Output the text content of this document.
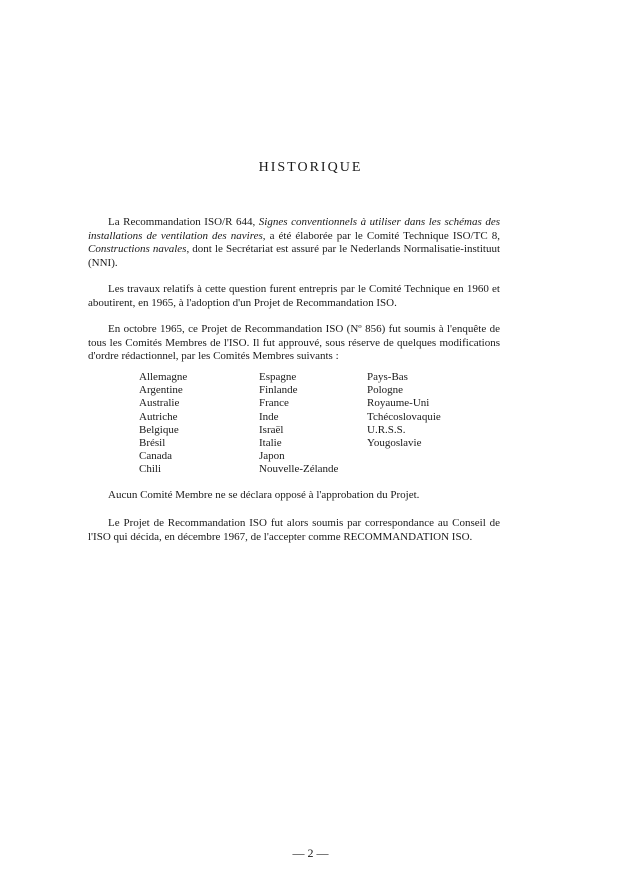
HISTORIQUE

La Recommandation ISO/R 644, Signes conventionnels à utiliser dans les schémas des installations de ventilation des navires, a été élaborée par le Comité Technique ISO/TC 8, Constructions navales, dont le Secrétariat est assuré par le Nederlands Normalisatie-instituut (NNI).

Les travaux relatifs à cette question furent entrepris par le Comité Technique en 1960 et aboutirent, en 1965, à l'adoption d'un Projet de Recommandation ISO.

En octobre 1965, ce Projet de Recommandation ISO (Nº 856) fut soumis à l'enquête de tous les Comités Membres de l'ISO. Il fut approuvé, sous réserve de quelques modifications d'ordre rédactionnel, par les Comités Membres suivants :

Allemagne
Argentine
Australie
Autriche
Belgique
Brésil
Canada
Chili
Espagne
Finlande
France
Inde
Israël
Italie
Japon
Nouvelle-Zélande
Pays-Bas
Pologne
Royaume-Uni
Tchécoslovaquie
U.R.S.S.
Yougoslavie

Aucun Comité Membre ne se déclara opposé à l'approbation du Projet.

Le Projet de Recommandation ISO fut alors soumis par correspondance au Conseil de l'ISO qui décida, en décembre 1967, de l'accepter comme RECOMMANDATION ISO.

— 2 —
